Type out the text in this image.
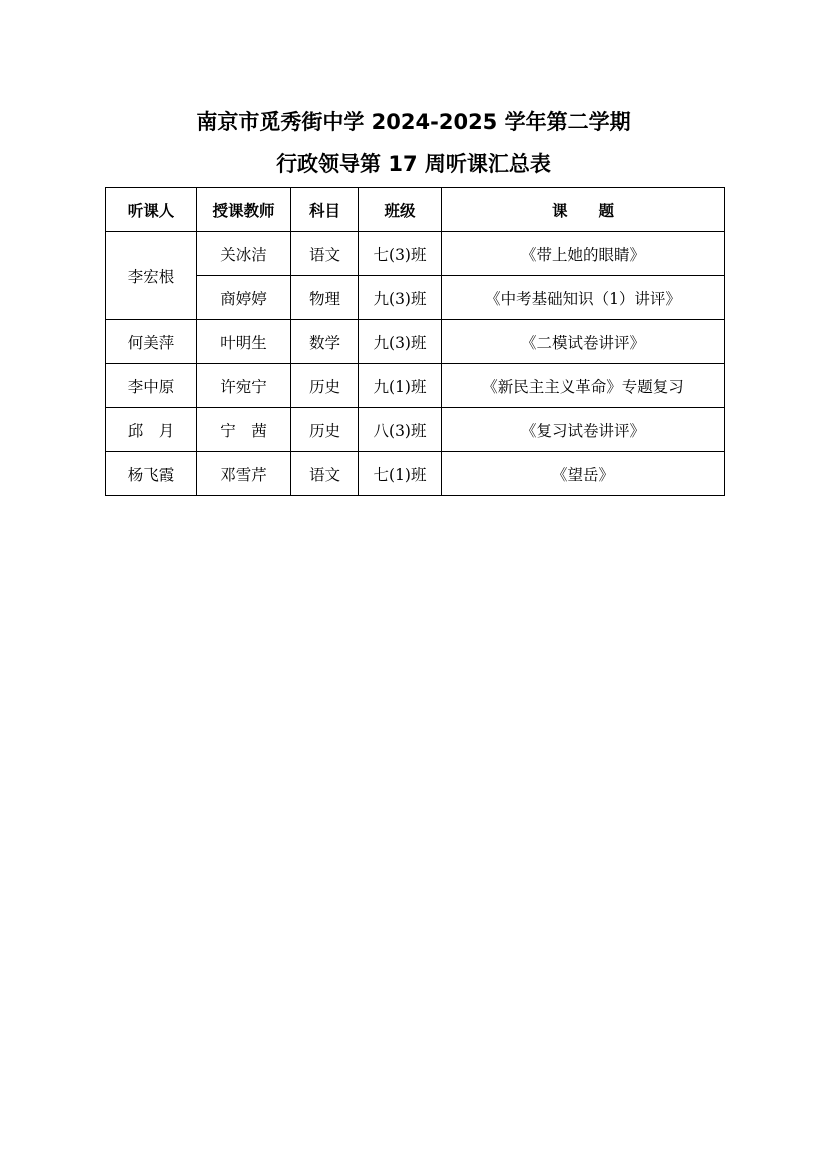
南京市觅秀街中学 2024-2025 学年第二学期
行政领导第 17 周听课汇总表
听课人	授课教师	科目	班级	课　　题
李宏根	关冰洁	语文	七(3)班	《带上她的眼睛》
	商婷婷	物理	九(3)班	《中考基础知识（1）讲评》
何美萍	叶明生	数学	九(3)班	《二模试卷讲评》
李中原	许宛宁	历史	九(1)班	《新民主主义革命》专题复习
邱　月	宁　茜	历史	八(3)班	《复习试卷讲评》
杨飞霞	邓雪芹	语文	七(1)班	《望岳》
